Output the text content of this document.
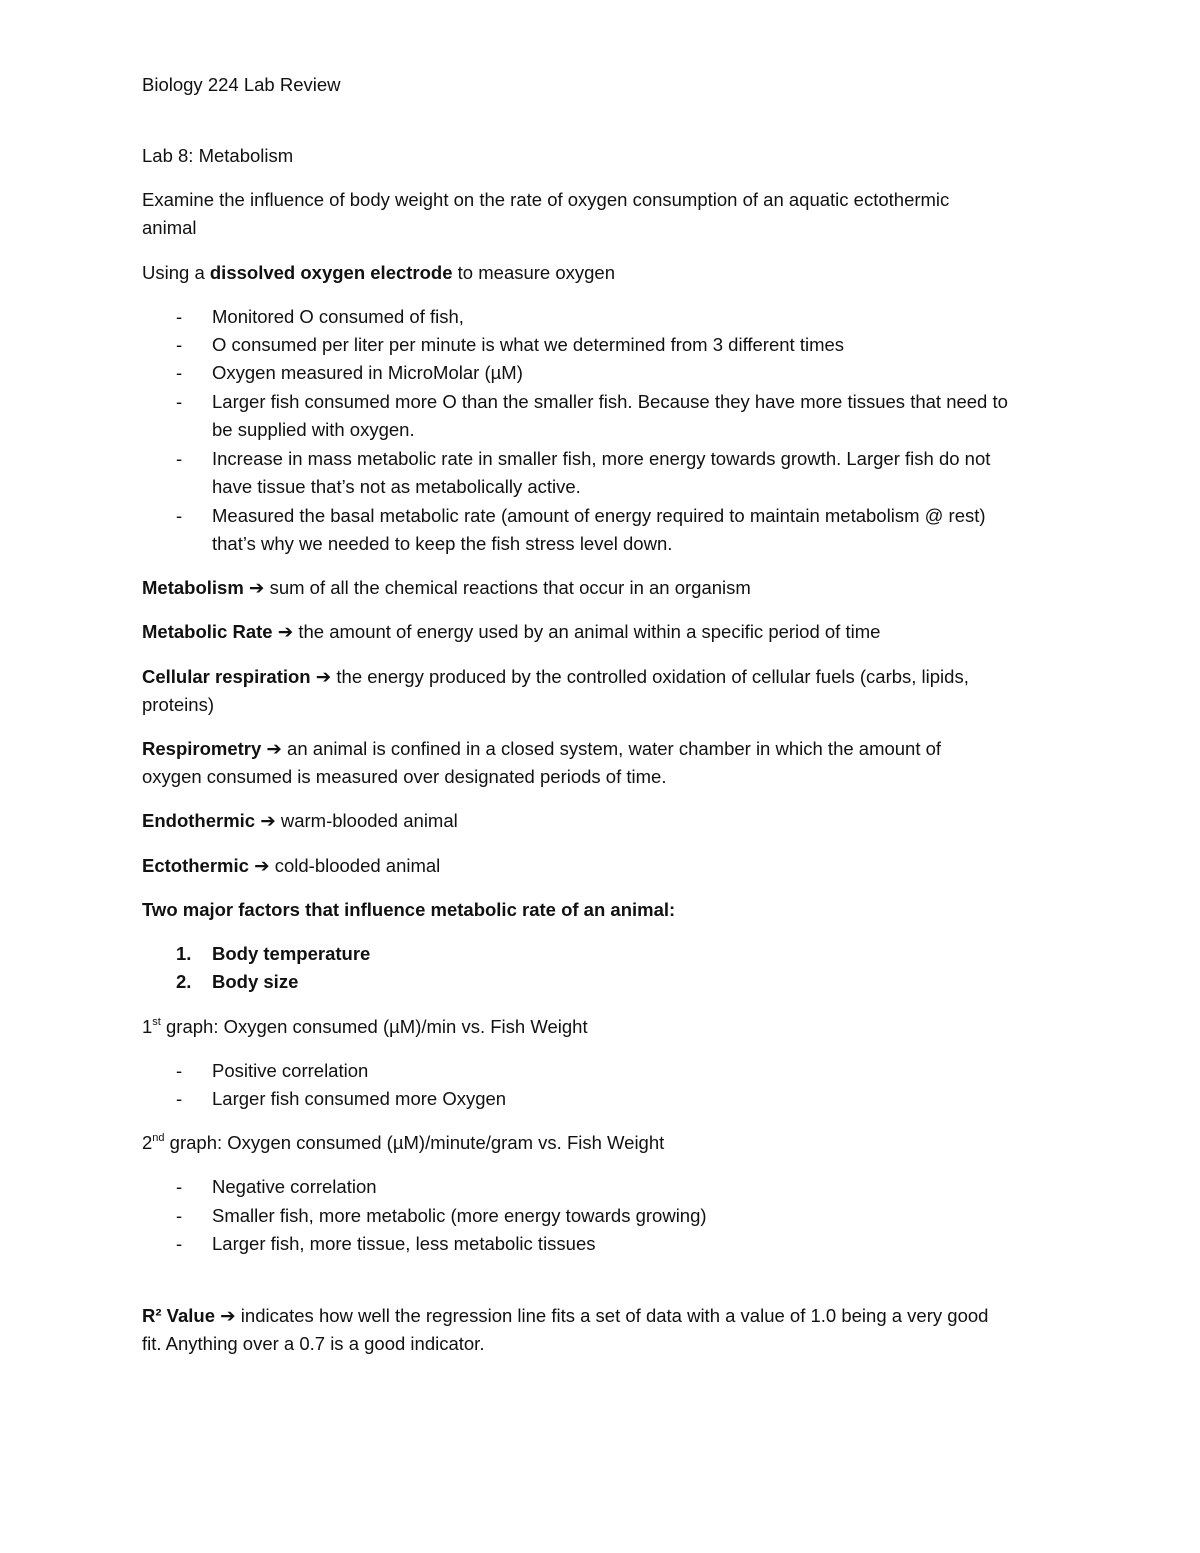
Biology 224 Lab Review
Lab 8: Metabolism
Examine the influence of body weight on the rate of oxygen consumption of an aquatic ectothermic
animal
Using a dissolved oxygen electrode to measure oxygen
- Monitored O consumed of fish,
- O consumed per liter per minute is what we determined from 3 different times
- Oxygen measured in MicroMolar (µM)
- Larger fish consumed more O than the smaller fish. Because they have more tissues that need to
be supplied with oxygen.
- Increase in mass metabolic rate in smaller fish, more energy towards growth. Larger fish do not
have tissue that’s not as metabolically active.
- Measured the basal metabolic rate (amount of energy required to maintain metabolism @ rest)
that’s why we needed to keep the fish stress level down.
Metabolism ➔ sum of all the chemical reactions that occur in an organism
Metabolic Rate ➔ the amount of energy used by an animal within a specific period of time
Cellular respiration ➔ the energy produced by the controlled oxidation of cellular fuels (carbs, lipids,
proteins)
Respirometry ➔ an animal is confined in a closed system, water chamber in which the amount of
oxygen consumed is measured over designated periods of time.
Endothermic ➔ warm-blooded animal
Ectothermic ➔ cold-blooded animal
Two major factors that influence metabolic rate of an animal:
1. Body temperature
2. Body size
1st graph: Oxygen consumed (µM)/min vs. Fish Weight
- Positive correlation
- Larger fish consumed more Oxygen
2nd graph: Oxygen consumed (µM)/minute/gram vs. Fish Weight
- Negative correlation
- Smaller fish, more metabolic (more energy towards growing)
- Larger fish, more tissue, less metabolic tissues
R² Value ➔ indicates how well the regression line fits a set of data with a value of 1.0 being a very good
fit. Anything over a 0.7 is a good indicator.
